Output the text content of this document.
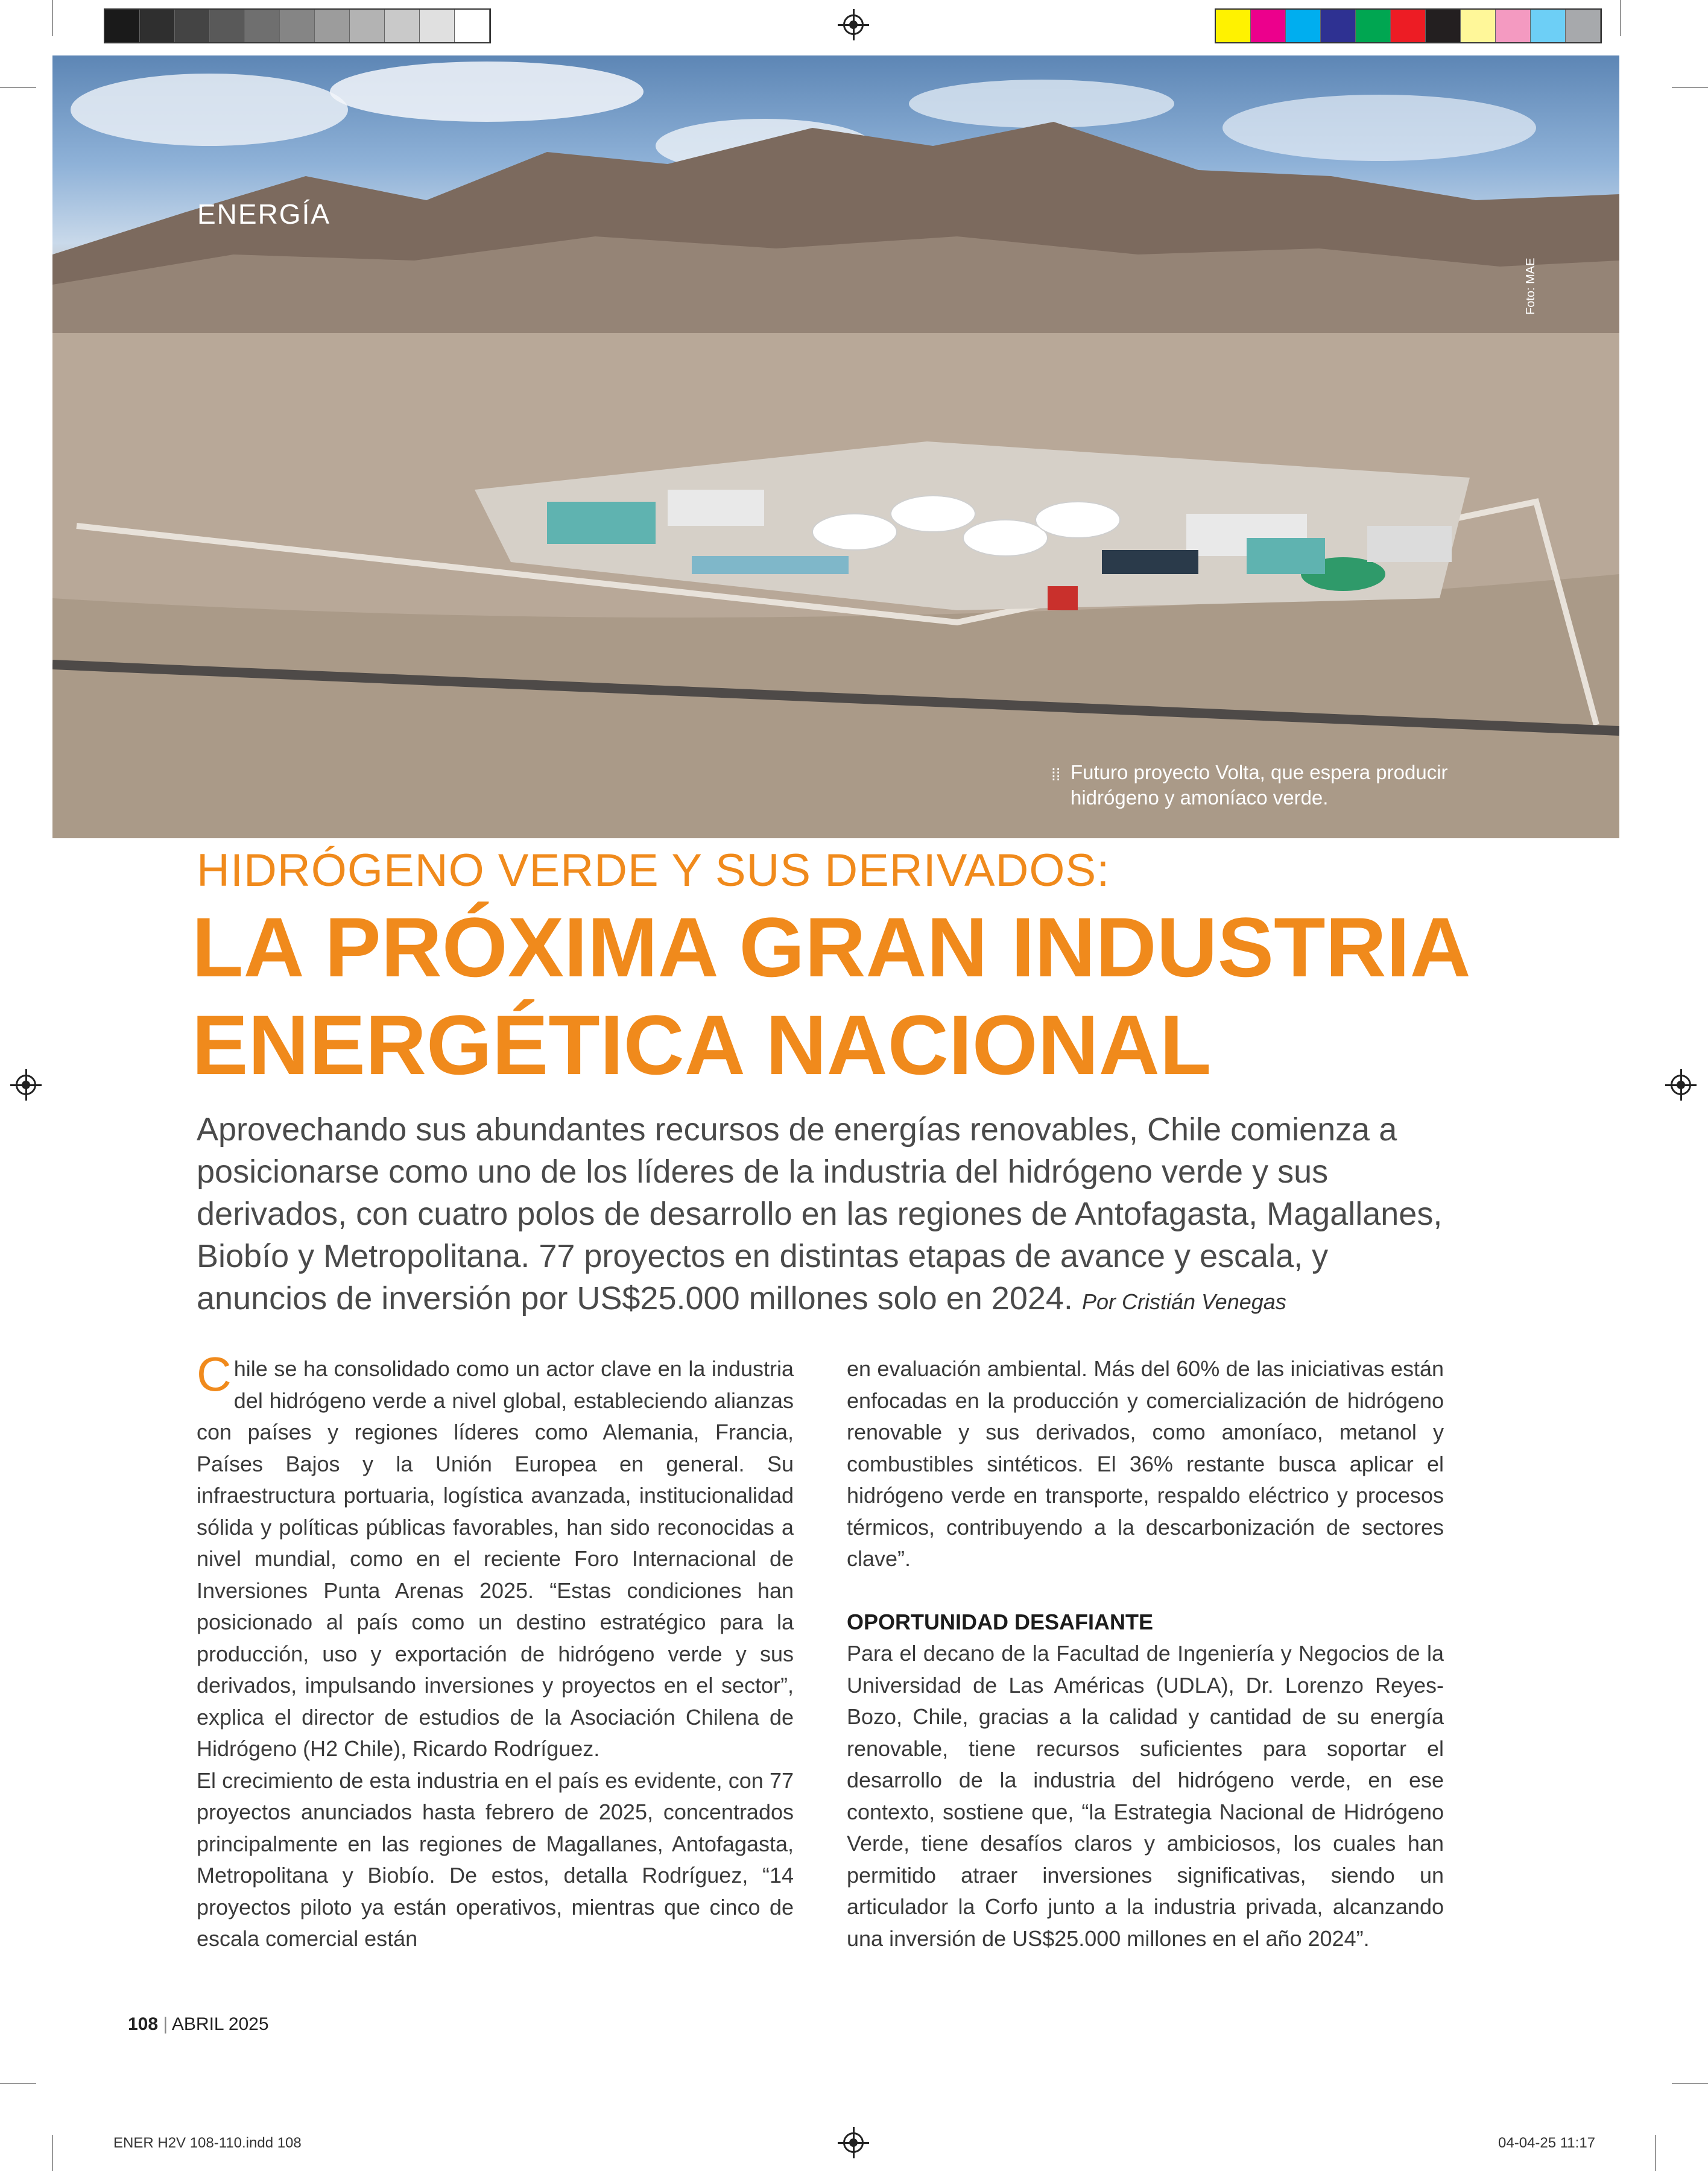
ENERGÍA
Foto: MAE
⁞⁞ Futuro proyecto Volta, que espera producir hidrógeno y amoníaco verde.
HIDRÓGENO VERDE Y SUS DERIVADOS:
LA PRÓXIMA GRAN INDUSTRIA
ENERGÉTICA NACIONAL
Aprovechando sus abundantes recursos de energías renovables, Chile comienza a posicionarse como uno de los líderes de la industria del hidrógeno verde y sus derivados, con cuatro polos de desarrollo en las regiones de Antofagasta, Magallanes, Biobío y Metropolitana. 77 proyectos en distintas etapas de avance y escala, y anuncios de inversión por US$25.000 millones solo en 2024. Por Cristián Venegas

Chile se ha consolidado como un actor clave en la industria del hidrógeno verde a nivel global, estableciendo alianzas con países y regiones líderes como Alemania, Francia, Países Bajos y la Unión Europea en general. Su infraestructura portuaria, logística avanzada, institucionalidad sólida y políticas públicas favorables, han sido reconocidas a nivel mundial, como en el reciente Foro Internacional de Inversiones Punta Arenas 2025. “Estas condiciones han posicionado al país como un destino estratégico para la producción, uso y exportación de hidrógeno verde y sus derivados, impulsando inversiones y proyectos en el sector”, explica el director de estudios de la Asociación Chilena de Hidrógeno (H2 Chile), Ricardo Rodríguez.

El crecimiento de esta industria en el país es evidente, con 77 proyectos anunciados hasta febrero de 2025, concentrados principalmente en las regiones de Magallanes, Antofagasta, Metropolitana y Biobío. De estos, detalla Rodríguez, “14 proyectos piloto ya están operativos, mientras que cinco de escala comercial están

en evaluación ambiental. Más del 60% de las iniciativas están enfocadas en la producción y comercialización de hidrógeno renovable y sus derivados, como amoníaco, metanol y combustibles sintéticos. El 36% restante busca aplicar el hidrógeno verde en transporte, respaldo eléctrico y procesos térmicos, contribuyendo a la descarbonización de sectores clave”.

OPORTUNIDAD DESAFIANTE

Para el decano de la Facultad de Ingeniería y Negocios de la Universidad de Las Américas (UDLA), Dr. Lorenzo Reyes-Bozo, Chile, gracias a la calidad y cantidad de su energía renovable, tiene recursos suficientes para soportar el desarrollo de la industria del hidrógeno verde, en ese contexto, sostiene que, “la Estrategia Nacional de Hidrógeno Verde, tiene desafíos claros y ambiciosos, los cuales han permitido atraer inversiones significativas, siendo un articulador la Corfo junto a la industria privada, alcanzando una inversión de US$25.000 millones en el año 2024”.

108 | ABRIL 2025
ENER H2V 108-110.indd 108	04-04-25 11:17
